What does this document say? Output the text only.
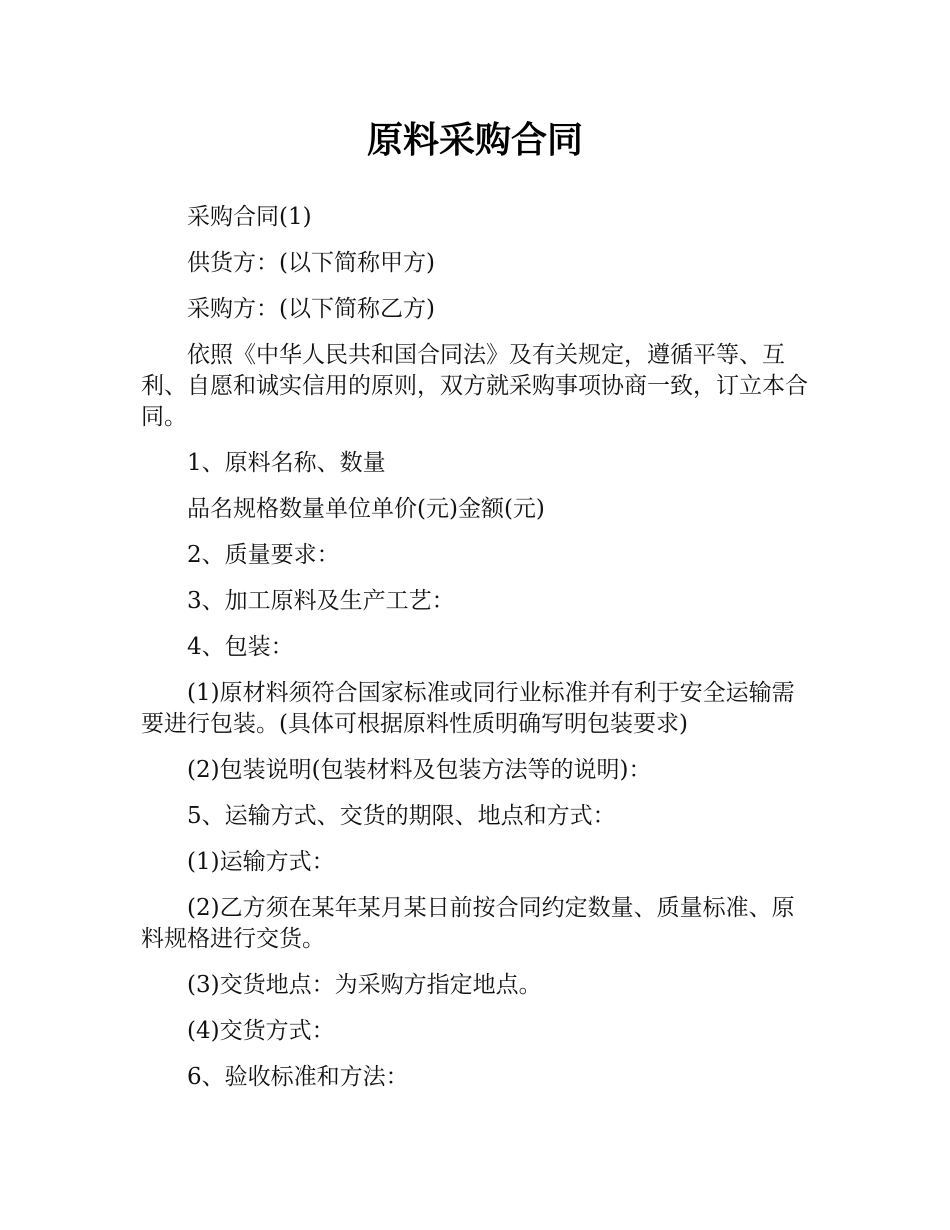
原料采购合同

采购合同(1)

供货方：(以下简称甲方)

采购方：(以下简称乙方)

依照《中华人民共和国合同法》及有关规定，遵循平等、互利、自愿和诚实信用的原则，双方就采购事项协商一致，订立本合同。

1、原料名称、数量

品名规格数量单位单价(元)金额(元)

2、质量要求：

3、加工原料及生产工艺：

4、包装：

(1)原材料须符合国家标准或同行业标准并有利于安全运输需要进行包装。(具体可根据原料性质明确写明包装要求)

(2)包装说明(包装材料及包装方法等的说明)：

5、运输方式、交货的期限、地点和方式：

(1)运输方式：

(2)乙方须在某年某月某日前按合同约定数量、质量标准、原料规格进行交货。

(3)交货地点：为采购方指定地点。

(4)交货方式：

6、验收标准和方法：
